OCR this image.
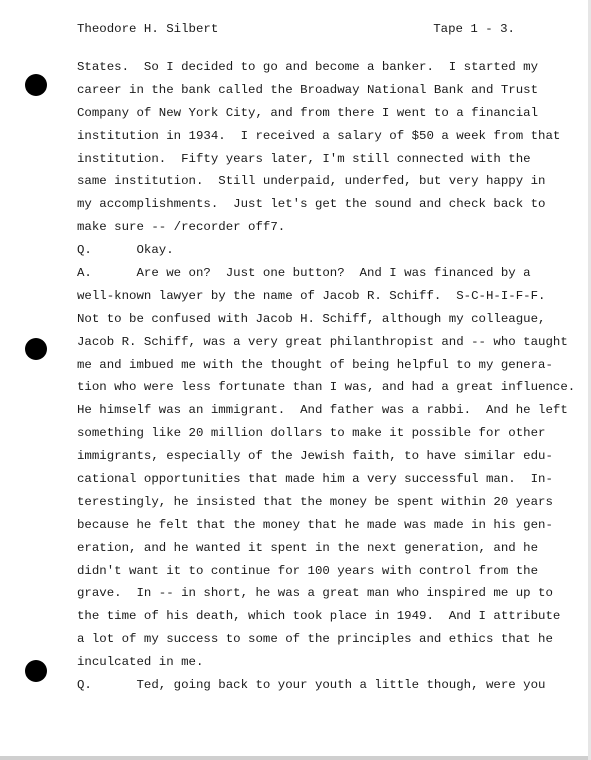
Theodore H. Silbert	Tape 1 - 3.
States.  So I decided to go and become a banker.  I started my
career in the bank called the Broadway National Bank and Trust
Company of New York City, and from there I went to a financial
institution in 1934.  I received a salary of $50 a week from that
institution.  Fifty years later, I'm still connected with the
same institution.  Still underpaid, underfed, but very happy in
my accomplishments.  Just let's get the sound and check back to
make sure -- /recorder off7.
Q.      Okay.
A.      Are we on?  Just one button?  And I was financed by a
well-known lawyer by the name of Jacob R. Schiff.  S-C-H-I-F-F.
Not to be confused with Jacob H. Schiff, although my colleague,
Jacob R. Schiff, was a very great philanthropist and -- who taught
me and imbued me with the thought of being helpful to my genera-
tion who were less fortunate than I was, and had a great influence.
He himself was an immigrant.  And father was a rabbi.  And he left
something like 20 million dollars to make it possible for other
immigrants, especially of the Jewish faith, to have similar edu-
cational opportunities that made him a very successful man.  In-
terestingly, he insisted that the money be spent within 20 years
because he felt that the money that he made was made in his gen-
eration, and he wanted it spent in the next generation, and he
didn't want it to continue for 100 years with control from the
grave.  In -- in short, he was a great man who inspired me up to
the time of his death, which took place in 1949.  And I attribute
a lot of my success to some of the principles and ethics that he
inculcated in me.
Q.      Ted, going back to your youth a little though, were you
